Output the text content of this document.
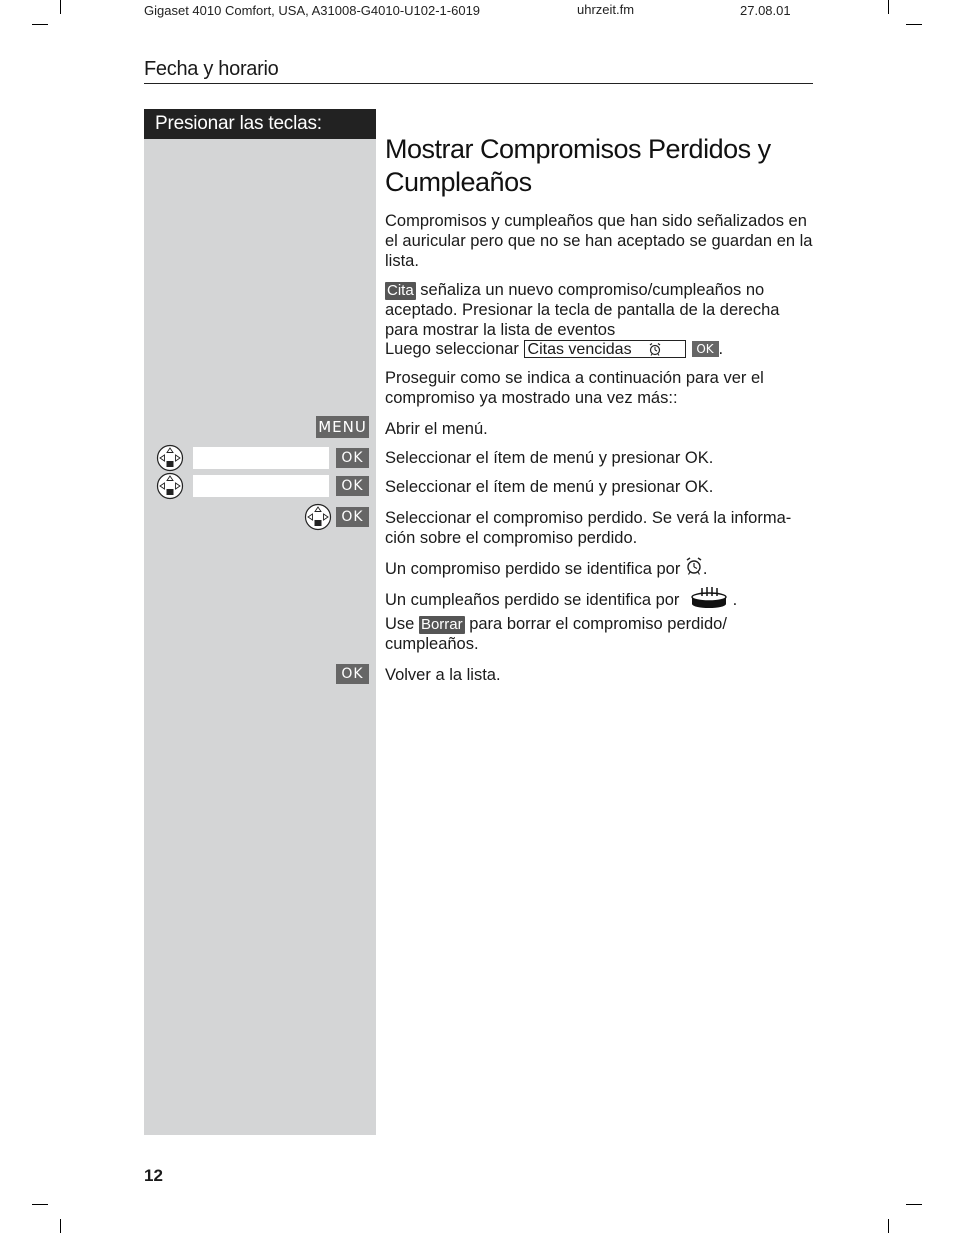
Gigaset 4010 Comfort, USA, A31008-G4010-U102-1-6019	uhrzeit.fm	27.08.01
Fecha y horario
Presionar las teclas:
Mostrar Compromisos Perdidos y Cumpleaños
Compromisos y cumpleaños que han sido señalizados en el auricular pero que no se han aceptado se guardan en la lista.
Cita señaliza un nuevo compromiso/cumpleaños no aceptado. Presionar la tecla de pantalla de la derecha para mostrar la lista de eventos
Luego seleccionar Citas vencidas	OK .
Proseguir como se indica a continuación para ver el compromiso ya mostrado una vez más::
MENU Abrir el menú.
OK	Seleccionar el ítem de menú y presionar OK.
OK	Seleccionar el ítem de menú y presionar OK.
OK	Seleccionar el compromiso perdido. Se verá la informa-ción sobre el compromiso perdido.
Un compromiso perdido se identifica por .
Un cumpleaños perdido se identifica por	.
Use Borrar para borrar el compromiso perdido/ cumpleaños.
OK	Volver a la lista.
12
